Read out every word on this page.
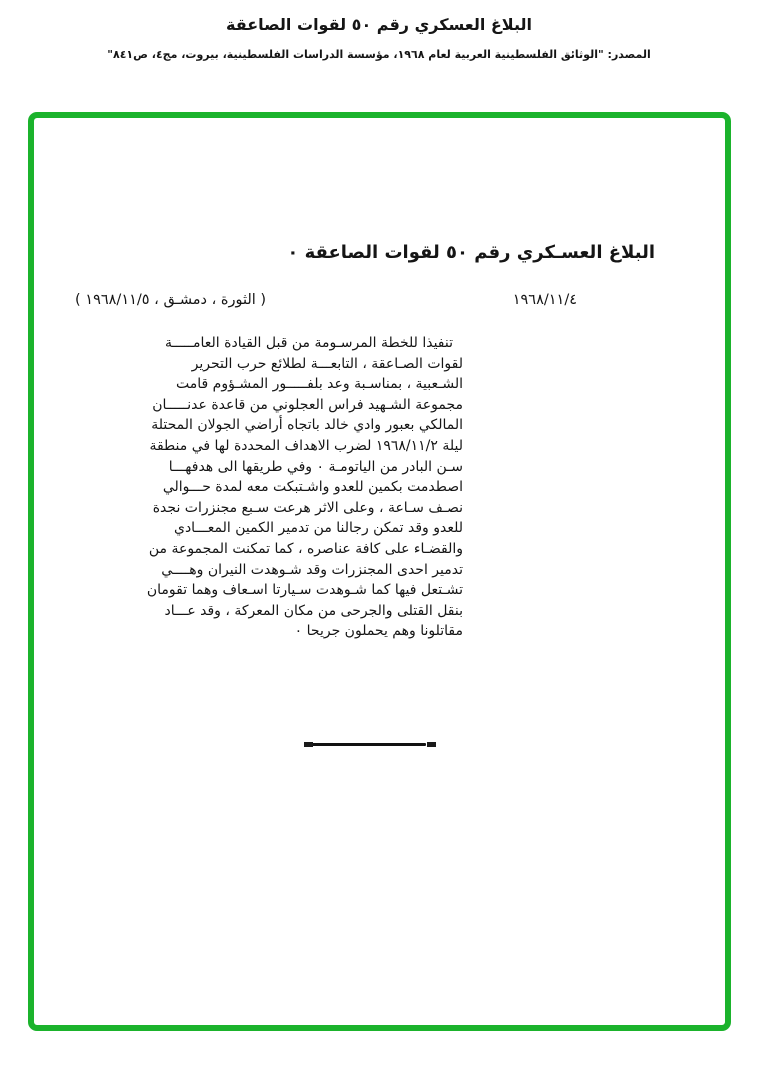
البلاغ العسكري رقم ٥٠ لقوات الصاعقة
المصدر: "الوثائق الفلسطينية العربية لعام ١٩٦٨، مؤسسة الدراسات الفلسطينية، بيروت، مج٤، ص٨٤١"
البلاغ العسـكري رقم ٥٠ لقوات الصاعقة ٠
١٩٦٨/١١/٤
( الثورة ، دمشـق ، ١٩٦٨/١١/٥ )
تنفيذا للخطة المرسـومة من قبل القيادة العامـــــة
لقوات الصـاعقة ، التابعـــة لطلائع حرب التحرير
الشـعبية ، بمناسـبة وعد بلفـــــور المشـؤوم قامت
مجموعة الشـهيد فراس العجلوني من قاعدة عدنـــــان
المالكي بعبور وادي خالد باتجاه أراضي الجولان المحتلة
ليلة ١٩٦٨/١١/٢ لضرب الاهداف المحددة لها في منطقة
سـن البادر من الياتومـة ٠ وفي طريقها الى هدفهـــا
اصطدمت بكمين للعدو واشـتبكت معه لمدة حـــوالي
نصـف سـاعة ، وعلى الاثر هرعت سـبع مجنزرات نجدة
للعدو وقد تمكن رجالنا من تدمير الكمين المعـــادي
والقضـاء على كافة عناصره ، كما تمكنت المجموعة من
تدمير احدى المجنزرات وقد شـوهدت النيران وهــــي
تشـتعل فيها كما شـوهدت سـيارتا اسـعاف وهما تقومان
بنقل القتلى والجرحى من مكان المعركة ، وقد عـــاد
مقاتلونا وهم يحملون جريحا ٠
